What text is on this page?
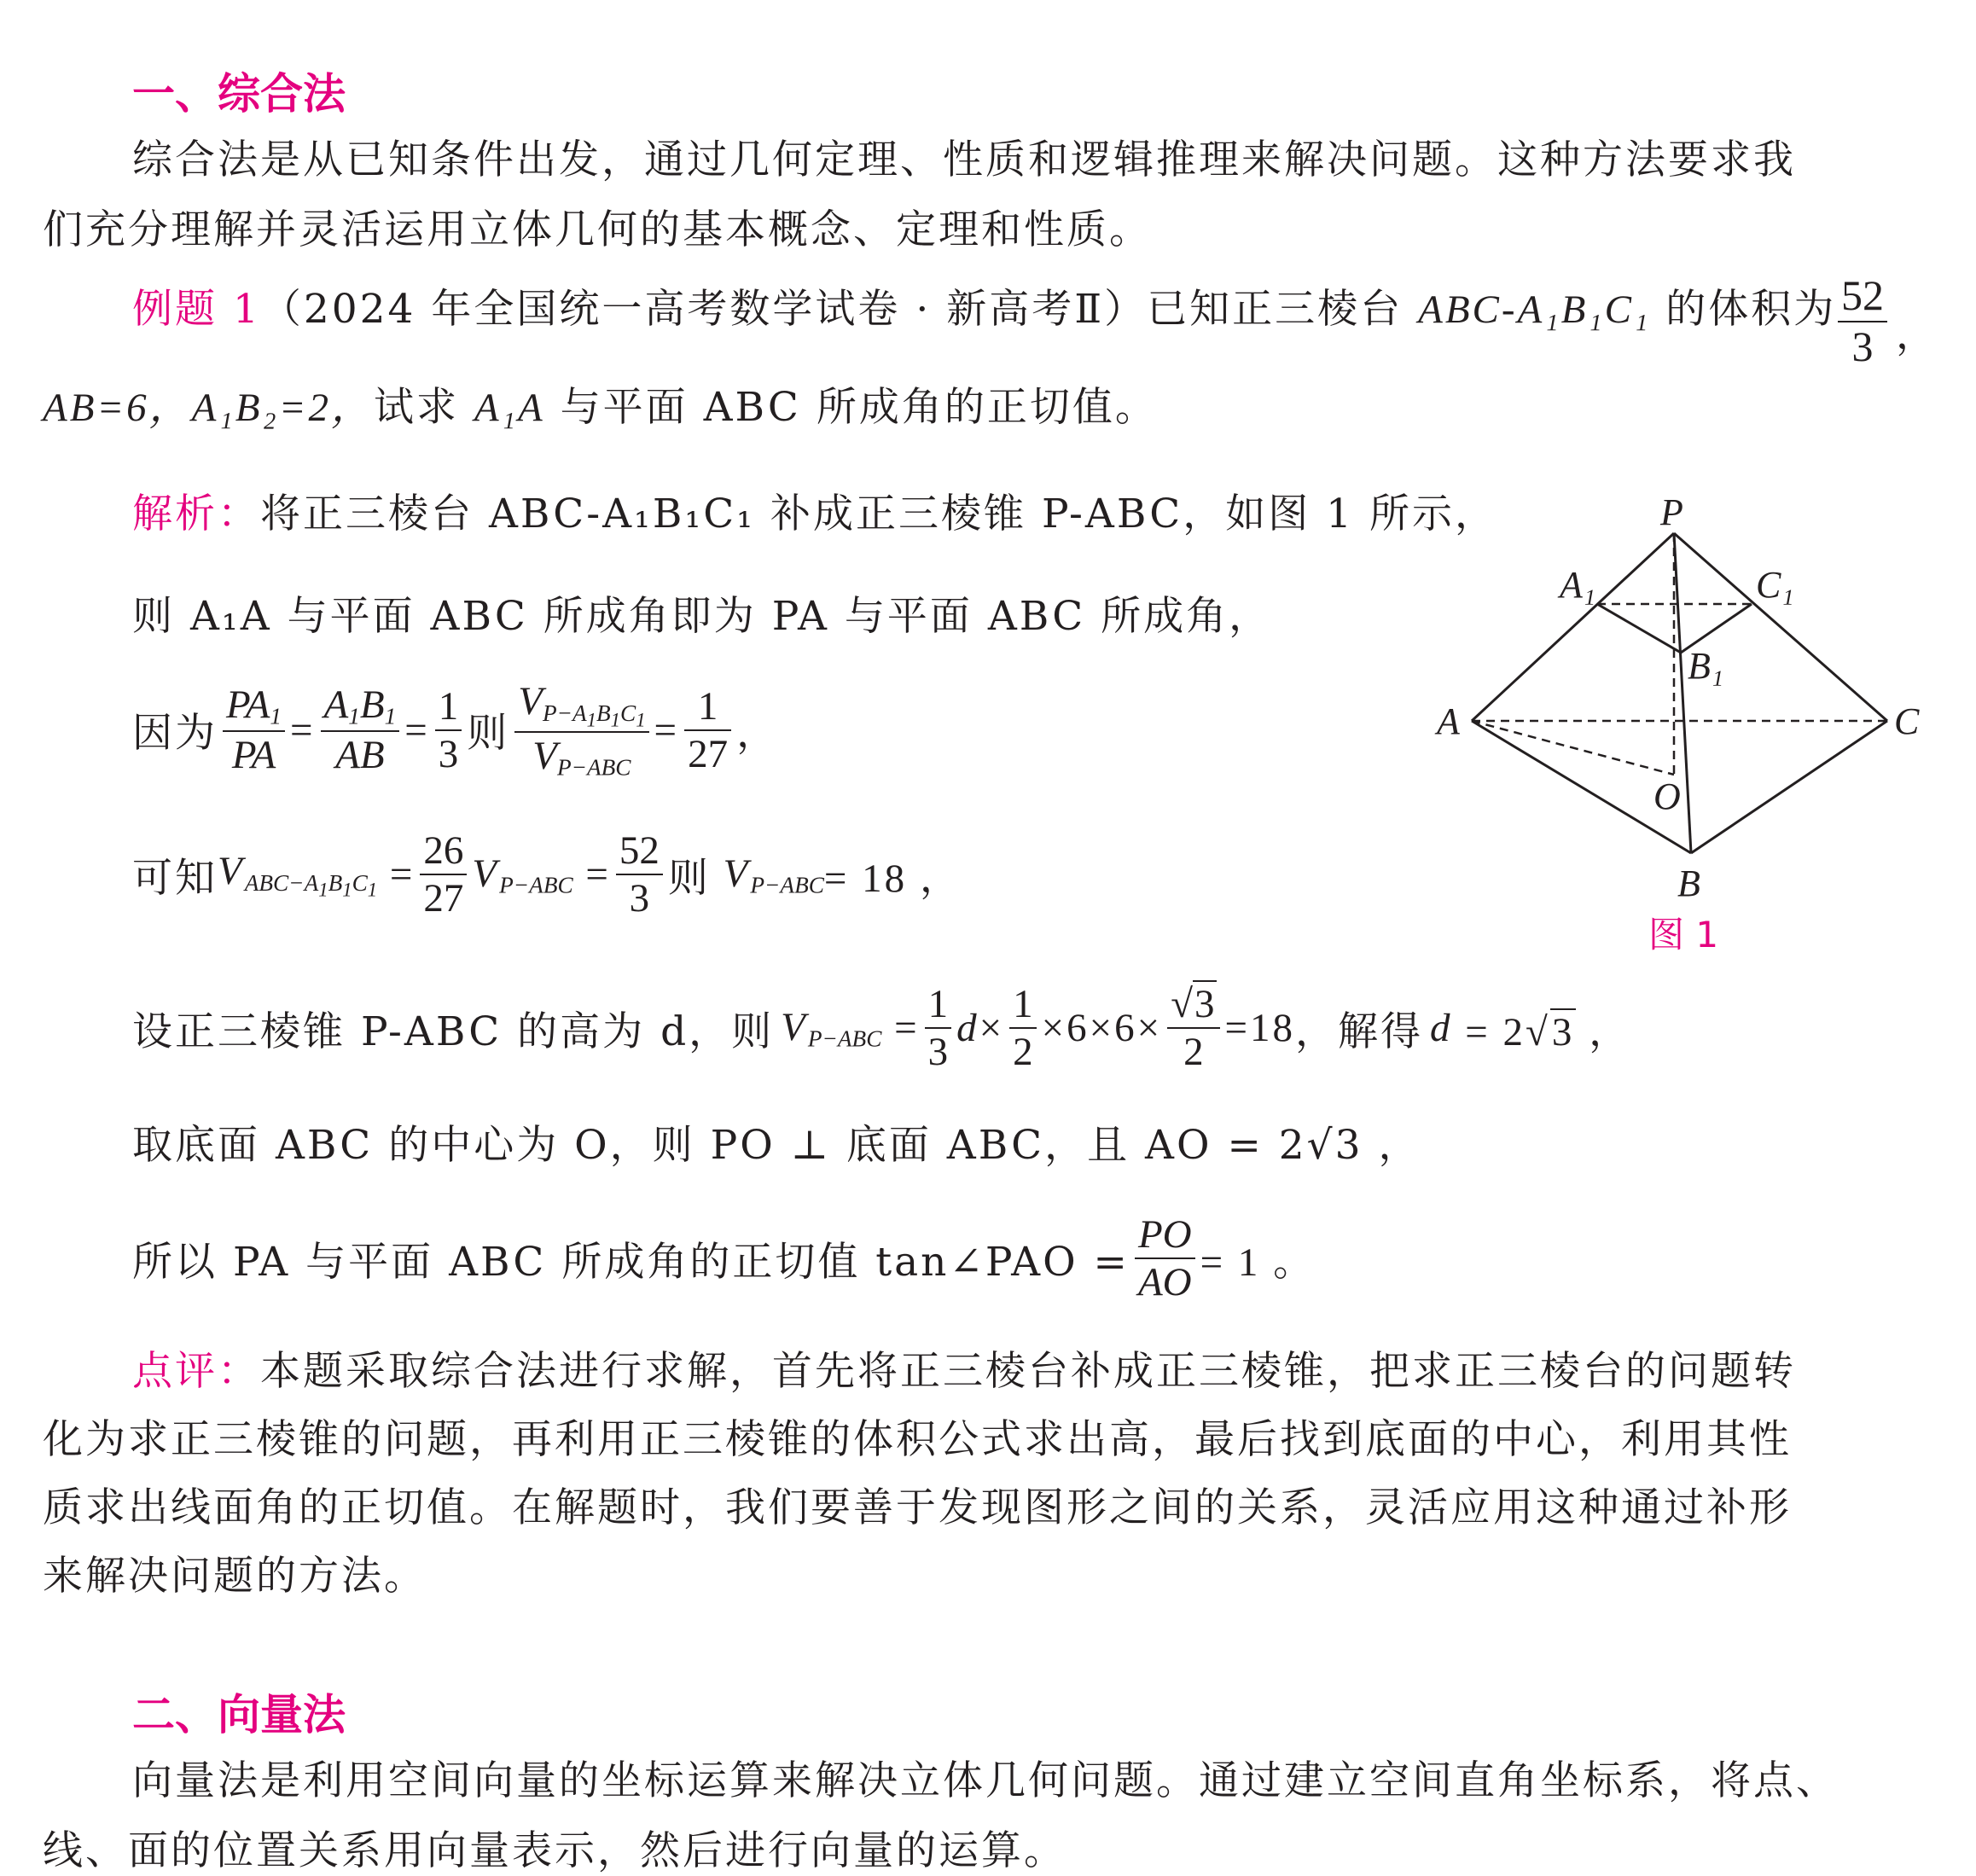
一、综合法
综合法是从已知条件出发，通过几何定理、性质和逻辑推理来解决问题。这种方法要求我
们充分理解并灵活运用立体几何的基本概念、定理和性质。
例题 1（2024 年全国统一高考数学试卷 · 新高考Ⅱ）已知正三棱台 ABC-A₁B₁C₁ 的体积为 $\frac{52}{3}$ ，
AB=6，A₁B₂=2，试求 A₁A 与平面 ABC 所成角的正切值。
解析：将正三棱台 ABC-A₁B₁C₁ 补成正三棱锥 P-ABC，如图 1 所示，
则 A₁A 与平面 ABC 所成角即为 PA 与平面 ABC 所成角，
因为 $\frac{PA_1}{PA} = \frac{A_1B_1}{AB} = \frac{1}{3}$ 则 $\frac{V_{P-A_1B_1C_1}}{V_{P-ABC}} = \frac{1}{27}$ ，
可知 $V_{ABC-A_1B_1C_1} = \frac{26}{27} V_{P-ABC} = \frac{52}{3}$ 则 $V_{P-ABC} = 18$ ，
设正三棱锥 P-ABC 的高为 d，则 $V_{P-ABC} = \frac{1}{3}$ $d \times \frac{1}{2} \times 6\times 6\times \frac{√3}{2} =18$ ，解得 d = 2√3 ，
取底面 ABC 的中心为 O，则 PO ⊥ 底面 ABC，且 AO = 2√3 ，
所以 PA 与平面 ABC 所成角的正切值 tan∠PAO = $\frac{PO}{AO} = 1$ 。
点评：本题采取综合法进行求解，首先将正三棱台补成正三棱锥，把求正三棱台的问题转
化为求正三棱锥的问题，再利用正三棱锥的体积公式求出高，最后找到底面的中心，利用其性
质求出线面角的正切值。在解题时，我们要善于发现图形之间的关系，灵活应用这种通过补形
来解决问题的方法。
二、向量法
向量法是利用空间向量的坐标运算来解决立体几何问题。通过建立空间直角坐标系，将点、
线、面的位置关系用向量表示，然后进行向量的运算。
P
A₁	C₁
B₁
A	C
O
B
图 1
